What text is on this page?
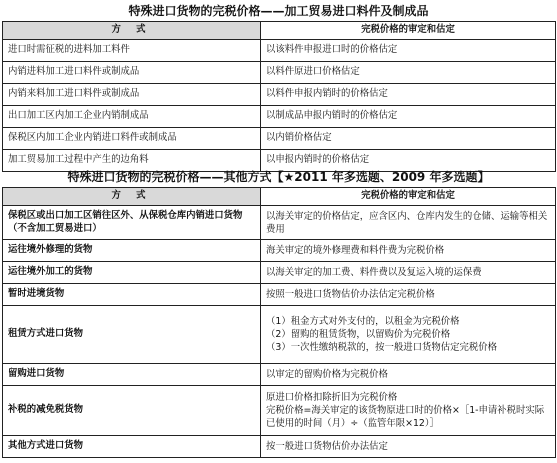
特殊进口货物的完税价格——加工贸易进口料件及制成品
方 式	完税价格的审定和估定
进口时需征税的进料加工料件	以该料件申报进口时的价格估定
内销进料加工进口料件或制成品	以料件原进口价格估定
内销来料加工进口料件或制成品	以料件申报内销时的价格估定
出口加工区内加工企业内销制成品	以制成品申报内销时的价格估定
保税区内加工企业内销进口料件或制成品	以内销价格估定
加工贸易加工过程中产生的边角料	以申报内销时的价格估定
特殊进口货物的完税价格——其他方式【★2011 年多选题、2009 年多选题】
方 式	完税价格的审定和估定
保税区或出口加工区销往区外、从保税仓库内销进口货物（不含加工贸易进口）	以海关审定的价格估定，应含区内、仓库内发生的仓储、运输等相关费用

运往境外修理的货物	海关审定的境外修理费和料件费为完税价格

运往境外加工的货物	以海关审定的加工费、料件费以及复运入境的运保费

暂时进境货物	按照一般进口货物估价办法估定完税价格

租赁方式进口货物	（1）租金方式对外支付的，以租金为完税价格
（2）留购的租赁货物，以留购价为完税价格
（3）一次性缴纳税款的，按一般进口货物估定完税价格

留购进口货物	以审定的留购价格为完税价格

补税的减免税货物	原进口价格扣除折旧为完税价格
完税价格=海关审定的该货物原进口时的价格×［1-申请补税时实际已使用的时间（月）÷（监管年限×12）］

其他方式进口货物	按一般进口货物估价办法估定
